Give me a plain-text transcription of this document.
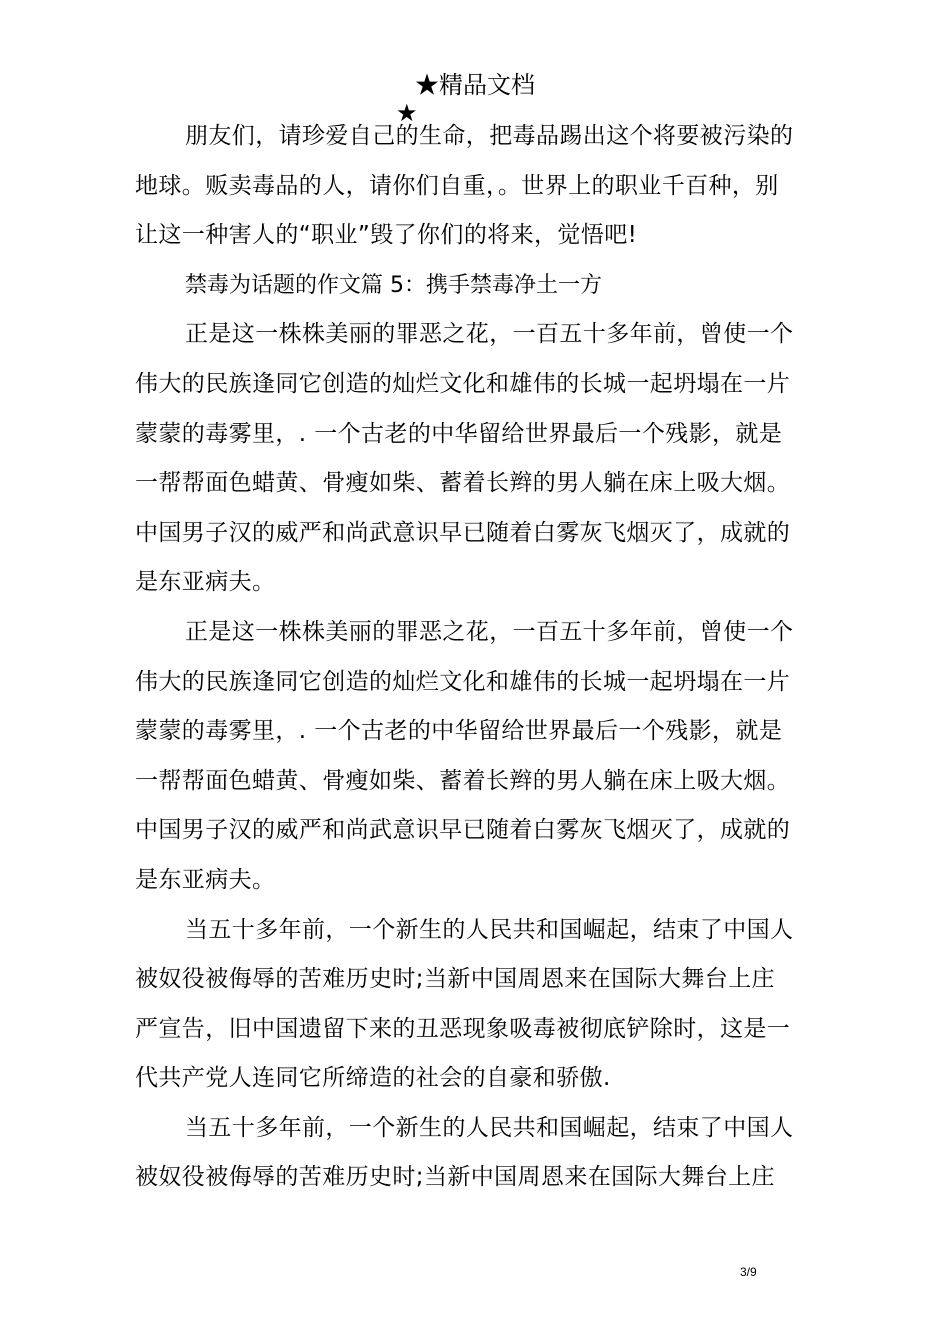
★精品文档
★
朋友们，请珍爱自己的生命，把毒品踢出这个将要被污染的
地球。贩卖毒品的人，请你们自重，。世界上的职业千百种，别
让这一种害人的“职业”毁了你们的将来，觉悟吧!
禁毒为话题的作文篇 5：携手禁毒净土一方
正是这一株株美丽的罪恶之花，一百五十多年前，曾使一个
伟大的民族逢同它创造的灿烂文化和雄伟的长城一起坍塌在一片
蒙蒙的毒雾里，. 一个古老的中华留给世界最后一个残影，就是
一帮帮面色蜡黄、骨瘦如柴、蓄着长辫的男人躺在床上吸大烟。
中国男子汉的威严和尚武意识早已随着白雾灰飞烟灭了，成就的
是东亚病夫。
正是这一株株美丽的罪恶之花，一百五十多年前，曾使一个
伟大的民族逢同它创造的灿烂文化和雄伟的长城一起坍塌在一片
蒙蒙的毒雾里，. 一个古老的中华留给世界最后一个残影，就是
一帮帮面色蜡黄、骨瘦如柴、蓄着长辫的男人躺在床上吸大烟。
中国男子汉的威严和尚武意识早已随着白雾灰飞烟灭了，成就的
是东亚病夫。
当五十多年前，一个新生的人民共和国崛起，结束了中国人
被奴役被侮辱的苦难历史时;当新中国周恩来在国际大舞台上庄
严宣告，旧中国遗留下来的丑恶现象吸毒被彻底铲除时，这是一
代共产党人连同它所缔造的社会的自豪和骄傲.
当五十多年前，一个新生的人民共和国崛起，结束了中国人
被奴役被侮辱的苦难历史时;当新中国周恩来在国际大舞台上庄
3/9
